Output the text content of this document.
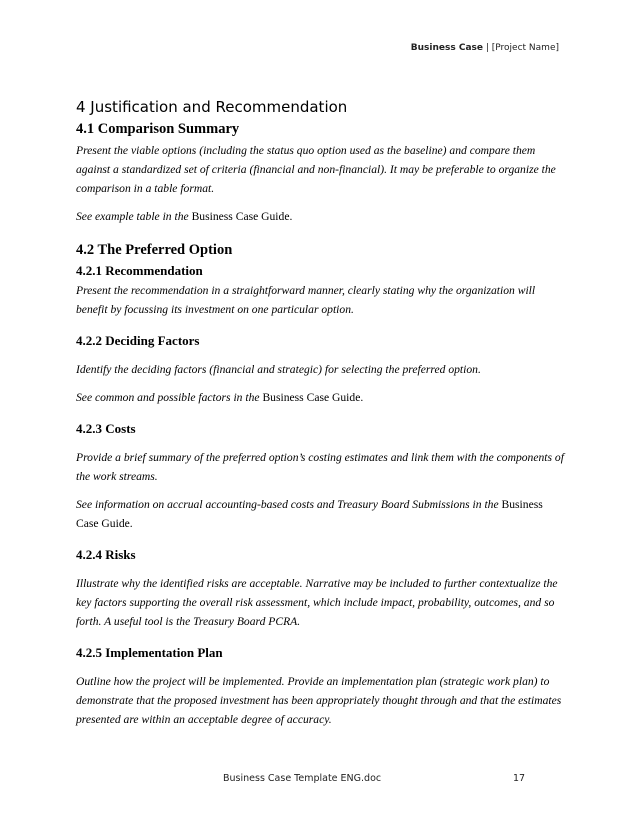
Business Case | [Project Name]
4 Justification and Recommendation
4.1 Comparison Summary

Present the viable options (including the status quo option used as the baseline) and compare them against a standardized set of criteria (financial and non-financial). It may be preferable to organize the comparison in a table format.

See example table in the Business Case Guide.

4.2 The Preferred Option
4.2.1 Recommendation

Present the recommendation in a straightforward manner, clearly stating why the organization will benefit by focussing its investment on one particular option.

4.2.2 Deciding Factors

Identify the deciding factors (financial and strategic) for selecting the preferred option.

See common and possible factors in the Business Case Guide.

4.2.3 Costs

Provide a brief summary of the preferred option’s costing estimates and link them with the components of the work streams.

See information on accrual accounting-based costs and Treasury Board Submissions in the Business Case Guide.

4.2.4 Risks

Illustrate why the identified risks are acceptable. Narrative may be included to further contextualize the key factors supporting the overall risk assessment, which include impact, probability, outcomes, and so forth. A useful tool is the Treasury Board PCRA.

4.2.5 Implementation Plan

Outline how the project will be implemented. Provide an implementation plan (strategic work plan) to demonstrate that the proposed investment has been appropriately thought through and that the estimates presented are within an acceptable degree of accuracy.

Business Case Template ENG.doc	17
